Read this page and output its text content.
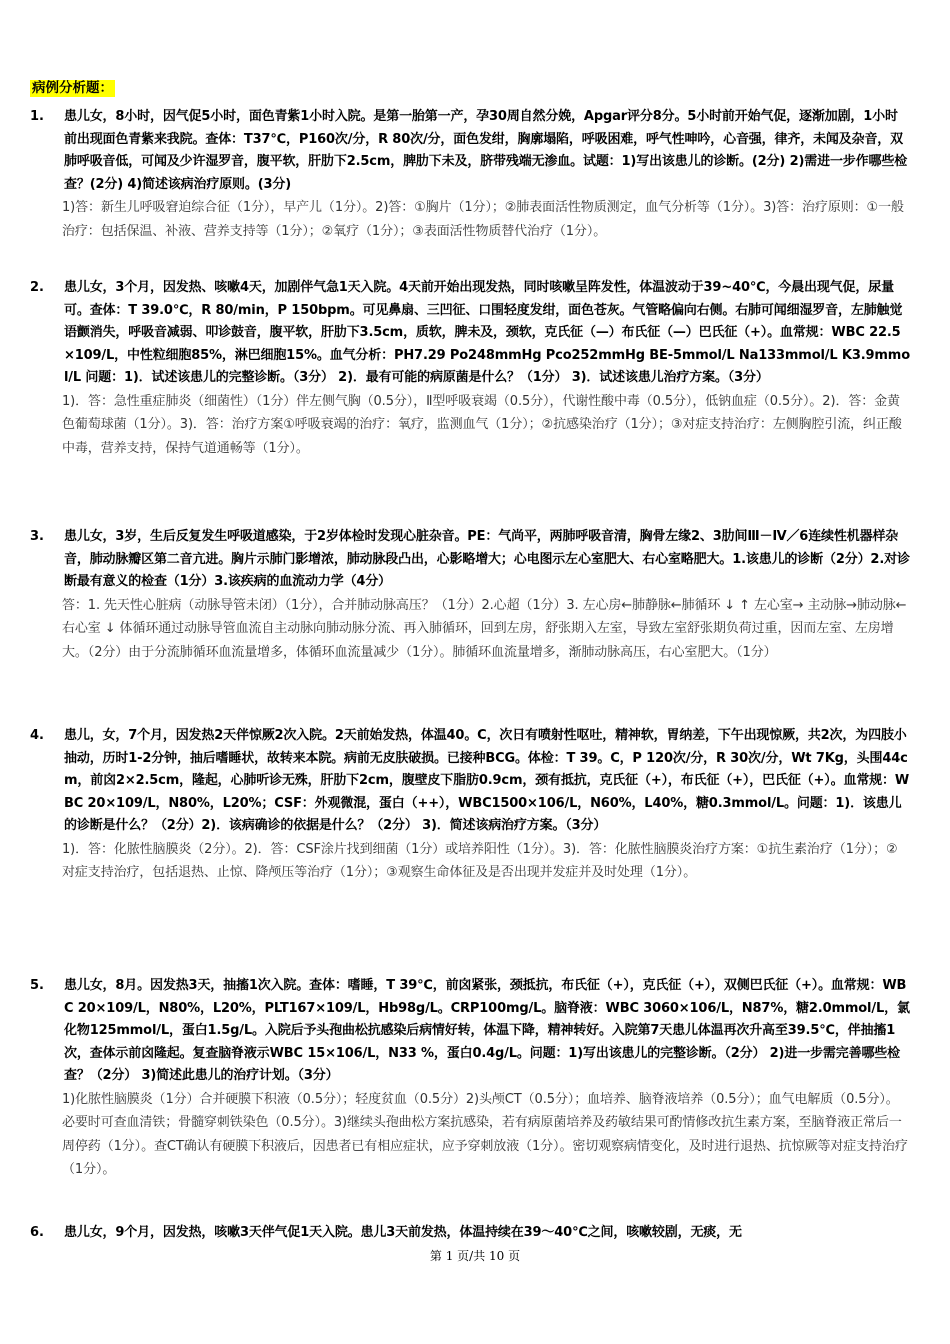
病例分析题：
1. 患儿女，8小时，因气促5小时，面色青紫1小时入院。是第一胎第一产，孕30周自然分娩，Apgar评分8分。5小时前开始气促，逐渐加剧，1小时前出现面色青紫来我院。查体：T37℃，P160次/分，R 80次/分，面色发绀，胸廓塌陷，呼吸困难，呼气性呻吟，心音强，律齐，未闻及杂音，双肺呼吸音低，可闻及少许湿罗音，腹平软，肝肋下2.5cm，脾肋下未及，脐带残端无渗血。试题：1)写出该患儿的诊断。(2分) 2)需进一步作哪些检查？(2分) 4)简述该病治疗原则。(3分)
1)答：新生儿呼吸窘迫综合征（1分），早产儿（1分）。2)答：①胸片（1分）；②肺表面活性物质测定，血气分析等（1分）。3)答：治疗原则：①一般治疗：包括保温、补液、营养支持等（1分）；②氧疗（1分）；③表面活性物质替代治疗（1分）。
2. 患儿女，3个月，因发热、咳嗽4天，加剧伴气急1天入院。4天前开始出现发热，同时咳嗽呈阵发性，体温波动于39~40℃，今晨出现气促，尿量可。查体：T 39.0℃，R 80/min，P 150bpm。可见鼻扇、三凹征、口围轻度发绀，面色苍灰。气管略偏向右侧。右肺可闻细湿罗音，左肺触觉语颤消失，呼吸音减弱、叩诊鼓音，腹平软，肝肋下3.5cm，质软，脾未及，颈软，克氏征（—）布氏征（—）巴氏征（+）。血常规：WBC 22.5×109/L，中性粒细胞85%，淋巴细胞15%。血气分析：PH7.29 Po248mmHg Pco252mmHg BE-5mmol/L Na133mmol/L K3.9mmol/L 问题：1)．试述该患儿的完整诊断。（3分） 2)．最有可能的病原菌是什么？（1分） 3)．试述该患儿治疗方案。（3分）
1)．答：急性重症肺炎（细菌性）（1分）伴左侧气胸（0.5分），Ⅱ型呼吸衰竭（0.5分），代谢性酸中毒（0.5分），低钠血症（0.5分）。2)．答：金黄色葡萄球菌（1分）。3)．答：治疗方案①呼吸衰竭的治疗：氧疗，监测血气（1分）；②抗感染治疗（1分）；③对症支持治疗：左侧胸腔引流，纠正酸中毒，营养支持，保持气道通畅等（1分）。
3. 患儿女，3岁，生后反复发生呼吸道感染，于2岁体检时发现心脏杂音。PE：气尚平，两肺呼吸音清，胸骨左缘2、3肋间Ⅲ－Ⅳ／6连续性机器样杂音，肺动脉瓣区第二音亢进。胸片示肺门影增浓，肺动脉段凸出，心影略增大；心电图示左心室肥大、右心室略肥大。1.该患儿的诊断（2分）2.对诊断最有意义的检查（1分）3.该疾病的血流动力学（4分）
答：1. 先天性心脏病（动脉导管未闭）（1分），合并肺动脉高压？（1分）2.心超（1分）3. 左心房←肺静脉←肺循环 ↓ ↑ 左心室→ 主动脉→肺动脉←右心室 ↓ 体循环通过动脉导管血流自主动脉向肺动脉分流、再入肺循环，回到左房，舒张期入左室，导致左室舒张期负荷过重，因而左室、左房增大。（2分）由于分流肺循环血流量增多，体循环血流量减少（1分）。肺循环血流量增多，渐肺动脉高压，右心室肥大。（1分）
4. 患儿，女，7个月，因发热2天伴惊厥2次入院。2天前始发热，体温40。C，次日有喷射性呕吐，精神软，胃纳差，下午出现惊厥，共2次，为四肢小抽动，历时1-2分钟，抽后嗜睡状，故转来本院。病前无皮肤破损。已接种BCG。体检：T 39。C，P 120次/分，R 30次/分，Wt 7Kg，头围44cm，前囟2×2.5cm，隆起，心肺听诊无殊，肝肋下2cm，腹壁皮下脂肪0.9cm，颈有抵抗，克氏征（+），布氏征（+），巴氏征（+）。血常规：WBC 20×109/L，N80%，L20%；CSF：外观微混，蛋白（++），WBC1500×106/L，N60%，L40%，糖0.3mmol/L。问题：1)．该患儿的诊断是什么？（2分）2)．该病确诊的依据是什么？（2分） 3)．简述该病治疗方案。（3分）
1)．答：化脓性脑膜炎（2分）。2)．答：CSF涂片找到细菌（1分）或培养阳性（1分）。3)．答：化脓性脑膜炎治疗方案：①抗生素治疗（1分）；②对症支持治疗，包括退热、止惊、降颅压等治疗（1分）；③观察生命体征及是否出现并发症并及时处理（1分）。
5. 患儿女，8月。因发热3天，抽搐1次入院。查体：嗜睡，T 39℃，前囟紧张，颈抵抗，布氏征（+），克氏征（+），双侧巴氏征（+）。血常规：WBC 20×109/L，N80%，L20%，PLT167×109/L，Hb98g/L。CRP100mg/L。脑脊液：WBC 3060×106/L，N87%，糖2.0mmol/L，氯化物125mmol/L，蛋白1.5g/L。入院后予头孢曲松抗感染后病情好转，体温下降，精神转好。入院第7天患儿体温再次升高至39.5℃，伴抽搐1次，查体示前囟隆起。复查脑脊液示WBC 15×106/L，N33 %，蛋白0.4g/L。问题：1)写出该患儿的完整诊断。（2分） 2)进一步需完善哪些检查？（2分） 3)简述此患儿的治疗计划。（3分）
1)化脓性脑膜炎（1分）合并硬膜下积液（0.5分）；轻度贫血（0.5分）2)头颅CT（0.5分）；血培养、脑脊液培养（0.5分）；血气电解质（0.5分）。必要时可查血清铁；骨髓穿刺铁染色（0.5分）。3)继续头孢曲松方案抗感染，若有病原菌培养及药敏结果可酌情修改抗生素方案，至脑脊液正常后一周停药（1分）。查CT确认有硬膜下积液后，因患者已有相应症状，应予穿刺放液（1分）。密切观察病情变化，及时进行退热、抗惊厥等对症支持治疗（1分）。
6. 患儿女，9个月，因发热，咳嗽3天伴气促1天入院。患儿3天前发热，体温持续在39～40℃之间，咳嗽较剧，无痰，无
第 1 页/共 10 页
